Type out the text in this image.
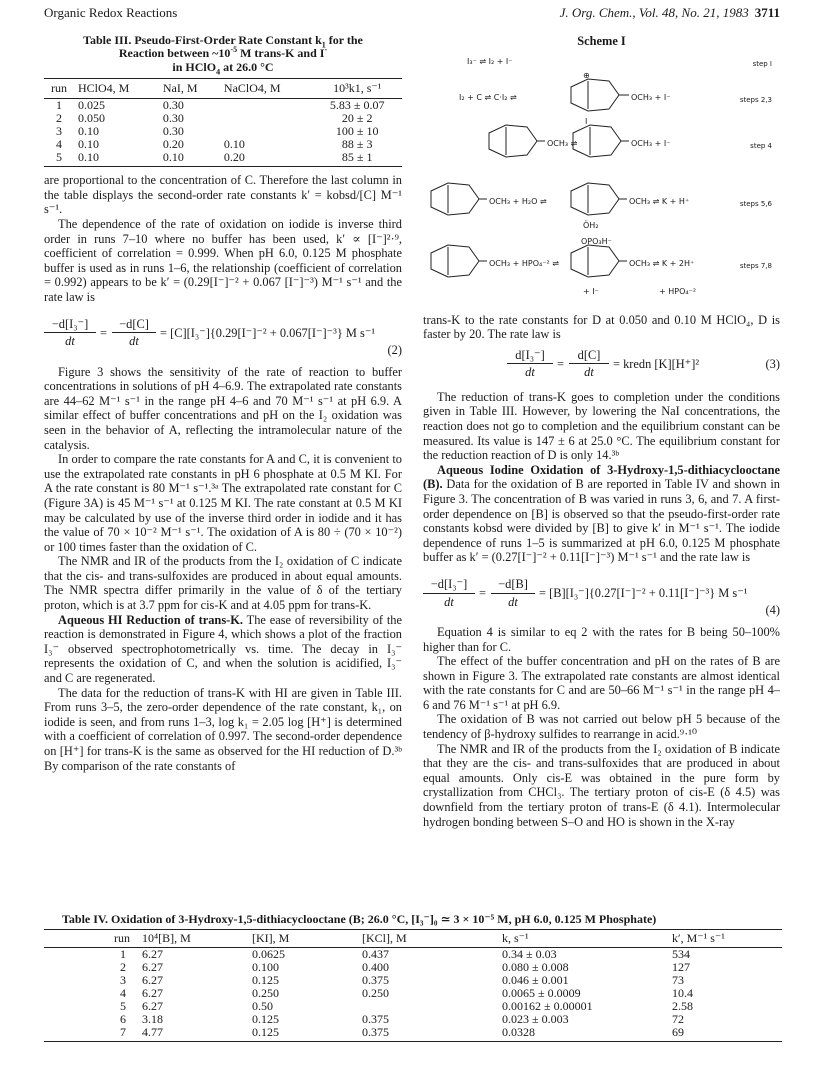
Organic Redox Reactions	J. Org. Chem., Vol. 48, No. 21, 1983 3711
Table III. Pseudo-First-Order Rate Constant $k_1$ for the
Reaction between $\sim 10^{-5}$ M trans-K and I-
in HClO$_4$ at 26.0 °C
run	HClO4, M	NaI, M	NaClO4, M	10³k1, s⁻¹
1	0.025	0.30		5.83 ± 0.07
2	0.050	0.30		20 ± 2
3	0.10	0.30		100 ± 10
4	0.10	0.20	0.10	88 ± 3
5	0.10	0.10	0.20	85 ± 1

are proportional to the concentration of C. Therefore the last column in the table displays the second-order rate constants k′ = kobsd/[C] M⁻¹ s⁻¹.

The dependence of the rate of oxidation on iodide is inverse third order in runs 7–10 where no buffer has been used, k′ ∝ [I⁻]²·⁹, coefficient of correlation = 0.999. When pH 6.0, 0.125 M phosphate buffer is used as in runs 1–6, the relationship (coefficient of correlation = 0.992) appears to be k′ = (0.29[I⁻]⁻² + 0.067 [I⁻]⁻³) M⁻¹ s⁻¹ and the rate law is

$\frac{\text{−d[I₃⁻]}}{dt} = \frac{-d[C]}{dt} = [C][I_3^-]\{0.29[I^-]^{-2} + 0.067[I^-]^{-3}\}$ M s⁻¹
(2)

Figure 3 shows the sensitivity of the rate of reaction to buffer concentrations in solutions of pH 4–6.9. The extrapolated rate constants are 44–62 M⁻¹ s⁻¹ in the range pH 4–6 and 70 M⁻¹ s⁻¹ at pH 6.9. A similar effect of buffer concentrations and pH on the I₂ oxidation was seen in the behavior of A, reflecting the intramolecular nature of the catalysis.

In order to compare the rate constants for A and C, it is convenient to use the extrapolated rate constants in pH 6 phosphate at 0.5 M KI. For A the rate constant is 80 M⁻¹ s⁻¹.³ᵃ The extrapolated rate constant for C (Figure 3A) is 45 M⁻¹ s⁻¹ at 0.125 M KI. The rate constant at 0.5 M KI may be calculated by use of the inverse third order in iodide and it has the value of 70 × 10⁻² M⁻¹ s⁻¹. The oxidation of A is 80 ÷ (70 × 10⁻²) or 100 times faster than the oxidation of C.

The NMR and IR of the products from the I₂ oxidation of C indicate that the cis- and trans-sulfoxides are produced in about equal amounts. The NMR spectra differ primarily in the value of δ of the tertiary proton, which is at 3.7 ppm for cis-K and at 4.05 ppm for trans-K.

Aqueous HI Reduction of trans-K. The ease of reversibility of the reaction is demonstrated in Figure 4, which shows a plot of the fraction I₃⁻ observed spectrophotometrically vs. time. The decay in I₃⁻ represents the oxidation of C, and when the solution is acidified, I₃⁻ and C are regenerated.

The data for the reduction of trans-K with HI are given in Table III. From runs 3–5, the zero-order dependence of the rate constant, k₁, on iodide is seen, and from runs 1–3, log k₁ = 2.05 log [H⁺] is determined with a coefficient of correlation of 0.997. The second-order dependence on [H⁺] for trans-K is the same as observed for the HI reduction of D.³ᵇ By comparison of the rate constants of

Scheme I
I₃⁻ ⇌ I₂ + I⁻	step I
I₂ + C ⇌ C·I₂ ⇌	OCH₃ + I⁻
⊕
I
steps 2,3
OCH₃ ⇌	OCH₃ + I⁻	step 4
OCH₃ + H₂O ⇌	OCH₃ ⇌ K + H⁺
ÖH₂
steps 5,6
OPO₃H⁻
OCH₃ + HPO₄⁻² ⇌	OCH₃ ⇌ K + 2H⁺
+ I⁻	+ HPO₄⁻²
steps 7,8

trans-K to the rate constants for D at 0.050 and 0.10 M HClO₄, D is faster by 20. The rate law is

$\frac{\text{d[I₃⁻]}}{dt} = \frac{d[C]}{dt}$ = kredn [K][H⁺]²	(3)

The reduction of trans-K goes to completion under the conditions given in Table III. However, by lowering the NaI concentrations, the reaction does not go to completion and the equilibrium constant can be measured. Its value is 147 ± 6 at 25.0 °C. The equilibrium constant for the reduction reaction of D is only 14.³ᵇ

Aqueous Iodine Oxidation of 3-Hydroxy-1,5-dithiacyclooctane (B). Data for the oxidation of B are reported in Table IV and shown in Figure 3. The concentration of B was varied in runs 3, 6, and 7. A first-order dependence on [B] is observed so that the pseudo-first-order rate constants kobsd were divided by [B] to give k′ in M⁻¹ s⁻¹. The iodide dependence of runs 1–5 is summarized at pH 6.0, 0.125 M phosphate buffer as k′ = (0.27[I⁻]⁻² + 0.11[I⁻]⁻³) M⁻¹ s⁻¹ and the rate law is

$\frac{\text{−d[I₃⁻]}}{dt} = \frac{-d[B]}{dt} = [B][I_3^-]\{0.27[I^-]^{-2} + 0.11[I^-]^{-3}\}$ M s⁻¹
(4)

Equation 4 is similar to eq 2 with the rates for B being 50–100% higher than for C.

The effect of the buffer concentration and pH on the rates of B are shown in Figure 3. The extrapolated rate constants are almost identical with the rate constants for C and are 50–66 M⁻¹ s⁻¹ in the range pH 4–6 and 76 M⁻¹ s⁻¹ at pH 6.9.

The oxidation of B was not carried out below pH 5 because of the tendency of β-hydroxy sulfides to rearrange in acid.⁹·¹⁰

The NMR and IR of the products from the I₂ oxidation of B indicate that they are the cis- and trans-sulfoxides that are produced in about equal amounts. Only cis-E was obtained in the pure form by crystallization from CHCl₃. The tertiary proton of cis-E (δ 4.5) was downfield from the tertiary proton of trans-E (δ 4.1). Intermolecular hydrogen bonding between S–O and HO is shown in the X-ray

Table IV. Oxidation of 3-Hydroxy-1,5-dithiacyclooctane (B; 26.0 °C, [I₃⁻]₀ ≃ 3 × 10⁻⁵ M, pH 6.0, 0.125 M Phosphate)
run	10⁴[B], M	[KI], M	[KCl], M	k, s⁻¹	k′, M⁻¹ s⁻¹
1	6.27	0.0625	0.437	0.34 ± 0.03	534
2	6.27	0.100	0.400	0.080 ± 0.008	127
3	6.27	0.125	0.375	0.046 ± 0.001	73
4	6.27	0.250	0.250	0.0065 ± 0.0009	10.4
5	6.27	0.50		0.00162 ± 0.00001	2.58
6	3.18	0.125	0.375	0.023 ± 0.003	72
7	4.77	0.125	0.375	0.0328	69
